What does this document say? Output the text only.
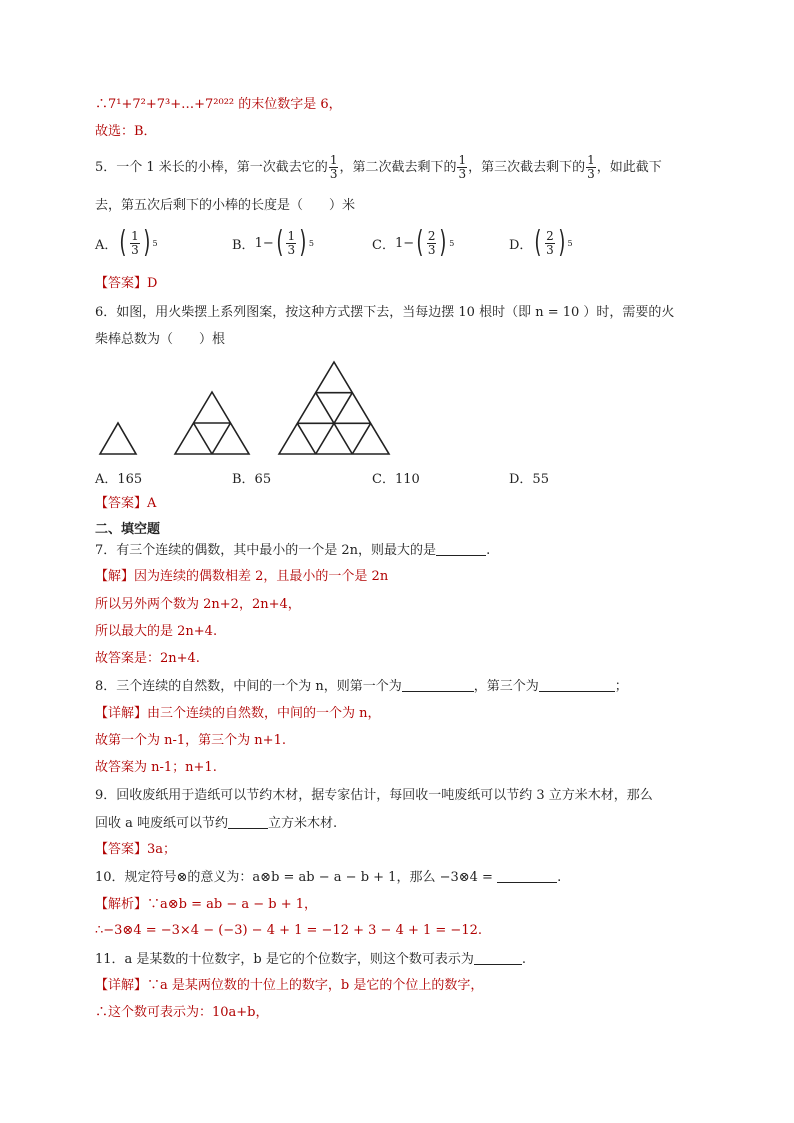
∴7¹+7²+7³+…+7²⁰²² 的末位数字是 6，
故选：B．
5．一个 1 米长的小棒，第一次截去它的 $\frac{1}{3}$ ，第二次截去剩下的 $\frac{1}{3}$ ，第三次截去剩下的 $\frac{1}{3}$ ，如此截下
去，第五次后剩下的小棒的长度是（　　）米
A． ( $\frac{1}{3}$ ) 5	B． 1− ( $\frac{1}{3}$ ) 5	C． 1− ( $\frac{2}{3}$ ) 5	D． ( $\frac{2}{3}$ ) 5
【答案】D
6．如图，用火柴摆上系列图案，按这种方式摆下去，当每边摆 10 根时（即 n = 10 ）时，需要的火
柴棒总数为（　　）根
A．165	B．65	C．110	D．55
【答案】A
二、填空题
7．有三个连续的偶数，其中最小的一个是 2n，则最大的是	.
【解】因为连续的偶数相差 2，且最小的一个是 2n
所以另外两个数为 2n+2，2n+4，
所以最大的是 2n+4.
故答案是：2n+4.
8．三个连续的自然数，中间的一个为 n，则第一个为	，第三个为	；
【详解】由三个连续的自然数，中间的一个为 n，
故第一个为 n-1，第三个为 n+1.
故答案为 n-1；n+1.
9．回收废纸用于造纸可以节约木材，据专家估计，每回收一吨废纸可以节约 3 立方米木材，那么
回收 a 吨废纸可以节约	立方米木材.
【答案】3a；
10．规定符号⊗的意义为：a⊗b = ab − a − b + 1，那么 −3⊗4 =	.
【解析】∵a⊗b = ab − a − b + 1，
∴−3⊗4 = −3×4 − (−3) − 4 + 1 = −12 + 3 − 4 + 1 = −12.
11．a 是某数的十位数字，b 是它的个位数字，则这个数可表示为	.
【详解】∵a 是某两位数的十位上的数字，b 是它的个位上的数字，
∴这个数可表示为：10a+b，
